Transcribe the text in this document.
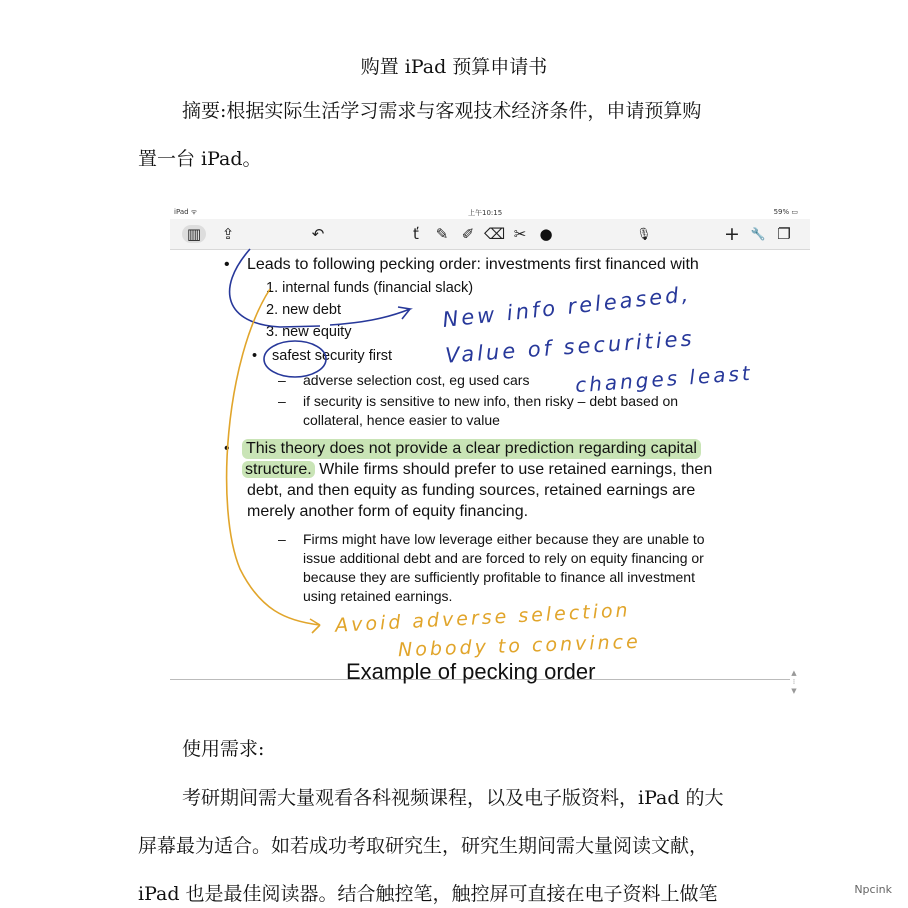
购置 iPad 预算申请书
摘要:根据实际生活学习需求与客观技术经济条件，申请预算购
置一台 iPad。
iPad ᯤ	上午10:15	59% ▭
▥	⇪	↶	ť	✎ ✐ ⌫ ✂ ●	🎙	+ 🔧 ❐
• Leads to following pecking order: investments first financed with
1. internal funds (financial slack)
2. new debt
3. new equity
• safest security first
– adverse selection cost, eg used cars
– if security is sensitive to new info, then risky – debt based on
collateral, hence easier to value
• This theory does not provide a clear prediction regarding capital
structure. While firms should prefer to use retained earnings, then
debt, and then equity as funding sources, retained earnings are
merely another form of equity financing.
– Firms might have low leverage either because they are unable to
issue additional debt and are forced to rely on equity financing or
because they are sufficiently profitable to finance all investment
using retained earnings.
Example of pecking order
New info released,
Value of securities
changes least
Avoid adverse selection
Nobody to convince
▲ ⁞ ▼
使用需求:
考研期间需大量观看各科视频课程，以及电子版资料，iPad 的大
屏幕最为适合。如若成功考取研究生，研究生期间需大量阅读文献，
iPad 也是最佳阅读器。结合触控笔，触控屏可直接在电子资料上做笔	Npcink
